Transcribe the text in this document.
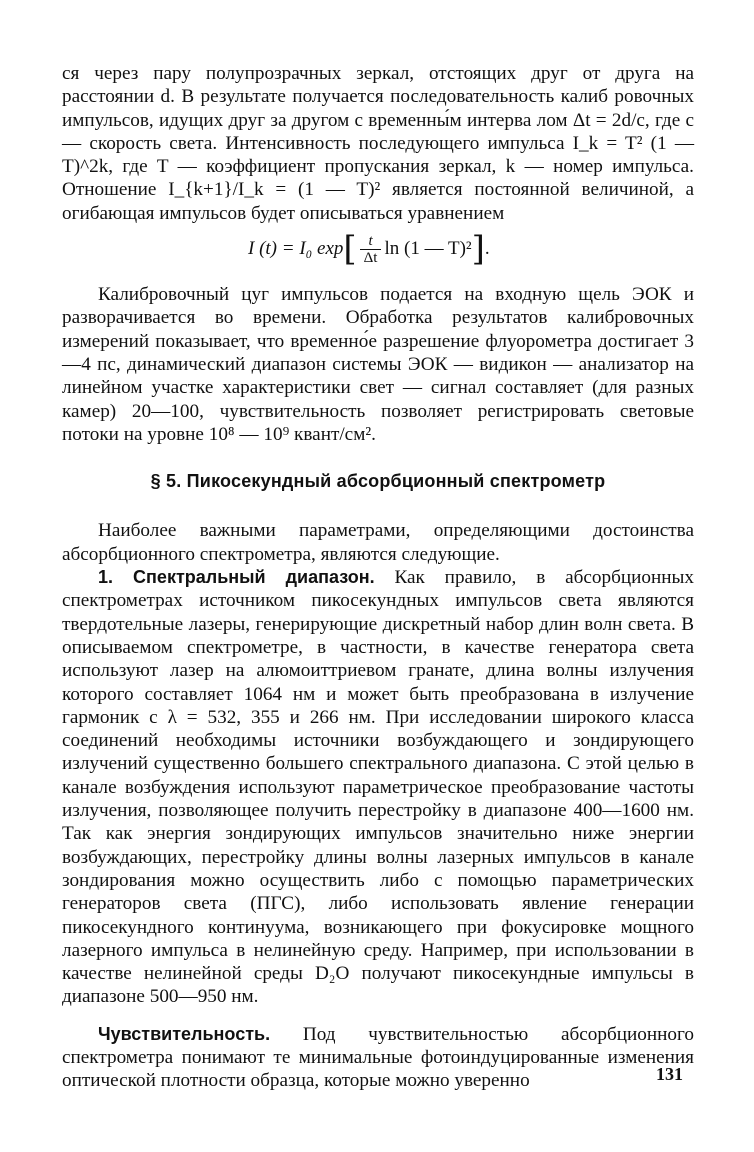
ся через пару полупрозрачных зеркал, отстоящих друг от друга на расстоянии d. В результате получается последовательность калиб ровочных импульсов, идущих друг за другом с временны́м интерва лом Δt = 2d/c, где c — скорость света. Интенсивность последующего импульса I_k = T² (1 — T)^2k, где T — коэффициент пропускания зеркал, k — номер импульса. Отношение I_{k+1}/I_k = (1 — T)² является постоянной величиной, а огибающая импульсов будет описываться уравнением

I (t) = I₀ $\exp[ \frac{t}{\Delta t}$ ln (1 — T)²].

Калибровочный цуг импульсов подается на входную щель ЭОК и разворачивается во времени. Обработка результатов калибровочных измерений показывает, что временно́е разрешение флуорометра достигает 3—4 пс, динамический диапазон системы ЭОК — видикон — анализатор на линейном участке характеристики свет — сигнал составляет (для разных камер) 20—100, чувствительность позволяет регистрировать световые потоки на уровне 10⁸ — 10⁹ квант/см².

§ 5. Пикосекундный абсорбционный спектрометр

Наиболее важными параметрами, определяющими достоинства абсорбционного спектрометра, являются следующие.

1. Спектральный диапазон. Как правило, в абсорбционных спектрометрах источником пикосекундных импульсов света являются твердотельные лазеры, генерирующие дискретный набор длин волн света. В описываемом спектрометре, в частности, в качестве генератора света используют лазер на алюмоиттриевом гранате, длина волны излучения которого составляет 1064 нм и может быть преобразована в излучение гармоник с λ = 532, 355 и 266 нм. При исследовании широкого класса соединений необходимы источники возбуждающего и зондирующего излучений существенно большего спектрального диапазона. С этой целью в канале возбуждения используют параметрическое преобразование частоты излучения, позволяющее получить перестройку в диапазоне 400—1600 нм. Так как энергия зондирующих импульсов значительно ниже энергии возбуждающих, перестройку длины волны лазерных импульсов в канале зондирования можно осуществить либо с помощью параметрических генераторов света (ПГС), либо использовать явление генерации пикосекундного континуума, возникающего при фокусировке мощного лазерного импульса в нелинейную среду. Например, при использовании в качестве нелинейной среды D₂O получают пикосекундные импульсы в диапазоне 500—950 нм.

Чувствительность. Под чувствительностью абсорбционного спектрометра понимают те минимальные фотоиндуцированные изменения оптической плотности образца, которые можно уверенно	131
